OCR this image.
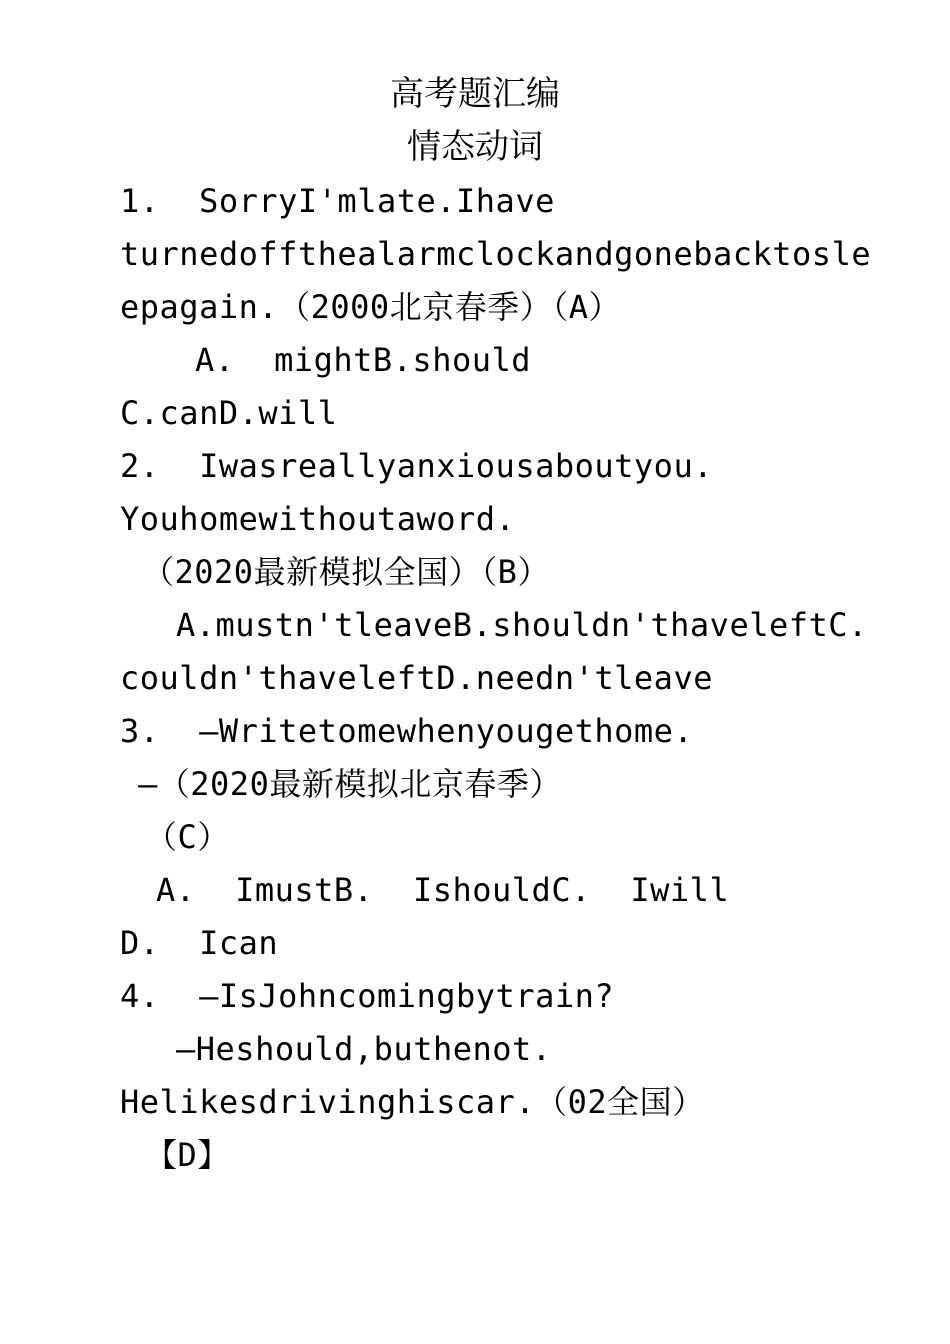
高考题汇编
情态动词
1.  SorryI'mlate.Ihave
turnedoffthealarmclockandgonebacktosle
epagain.（2000北京春季）（A）
A.  mightB.should
C.canD.will
2.  Iwasreallyanxiousaboutyou.
Youhomewithoutaword.
（2020最新模拟全国）（B）
A.mustn'tleaveB.shouldn'thaveleftC.
couldn'thaveleftD.needn'tleave
3.  —Writetomewhenyougethome.
—（2020最新模拟北京春季）
（C）
A.  ImustB.  IshouldC.  Iwill
D.  Ican
4.  —IsJohncomingbytrain?
—Heshould,buthenot.
Helikesdrivinghiscar.（02全国）
【D】
